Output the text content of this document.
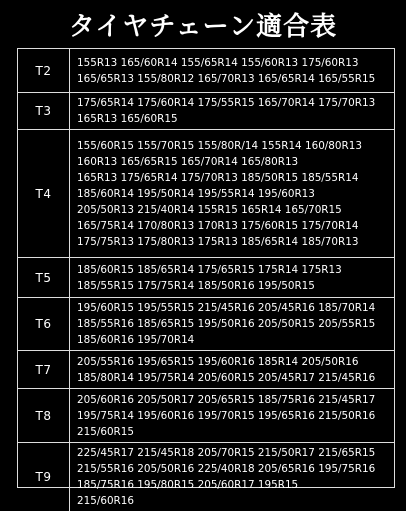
タイヤチェーン適合表
T2
155R13 165/60R14 155/65R14 155/60R13 175/60R13
165/65R13 155/80R12 165/70R13 165/65R14 165/55R15
T3
175/65R14 175/60R14 175/55R15 165/70R14 175/70R13
165R13 165/60R15
T4
155/60R15 155/70R15 155/80R/14 155R14 160/80R13
160R13 165/65R15 165/70R14 165/80R13
165R13 175/65R14 175/70R13 185/50R15 185/55R14
185/60R14 195/50R14 195/55R14 195/60R13
205/50R13 215/40R14 155R15 165R14 165/70R15
165/75R14 170/80R13 170R13 175/60R15 175/70R14
175/75R13 175/80R13 175R13 185/65R14 185/70R13
T5
185/60R15 185/65R14 175/65R15 175R14 175R13
185/55R15 175/75R14 185/50R16 195/50R15
T6
195/60R15 195/55R15 215/45R16 205/45R16 185/70R14
185/55R16 185/65R15 195/50R16 205/50R15 205/55R15
185/60R16 195/70R14
T7
205/55R16 195/65R15 195/60R16 185R14 205/50R16
185/80R14 195/75R14 205/60R15 205/45R17 215/45R16
T8
205/60R16 205/50R17 205/65R15 185/75R16 215/45R17
195/75R14 195/60R16 195/70R15 195/65R16 215/50R16
215/60R15
T9
225/45R17 215/45R18 205/70R15 215/50R17 215/65R15
215/55R16 205/50R16 225/40R18 205/65R16 195/75R16
185/75R16 195/80R15 205/60R17 195R15
215/60R16
